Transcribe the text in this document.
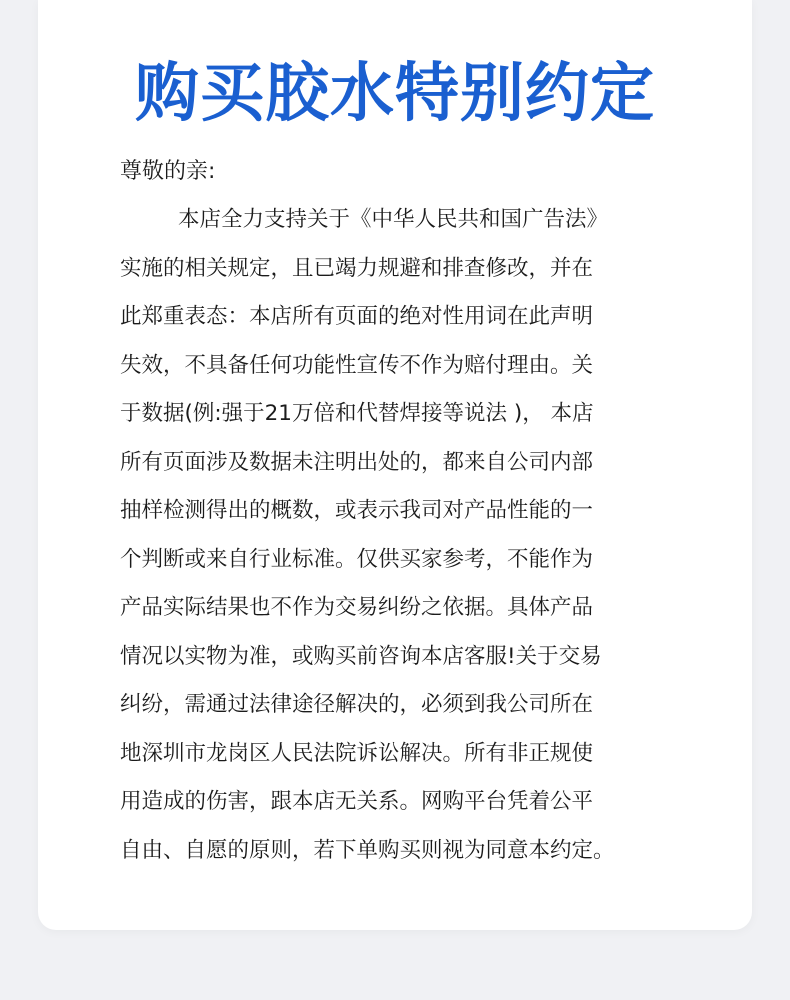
购买胶水特别约定
尊敬的亲:
本店全力支持关于《中华人民共和国广告法》
实施的相关规定，且已竭力规避和排查修改，并在
此郑重表态：本店所有页面的绝对性用词在此声明
失效，不具备任何功能性宣传不作为赔付理由。关
于数据(例:强于21万倍和代替焊接等说法 )， 本店
所有页面涉及数据未注明出处的，都来自公司内部
抽样检测得出的概数，或表示我司对产品性能的一
个判断或来自行业标准。仅供买家参考，不能作为
产品实际结果也不作为交易纠纷之依据。具体产品
情况以实物为准，或购买前咨询本店客服!关于交易
纠纷，需通过法律途径解决的，必须到我公司所在
地深圳市龙岗区人民法院诉讼解决。所有非正规使
用造成的伤害，跟本店无关系。网购平台凭着公平
自由、自愿的原则，若下单购买则视为同意本约定。
